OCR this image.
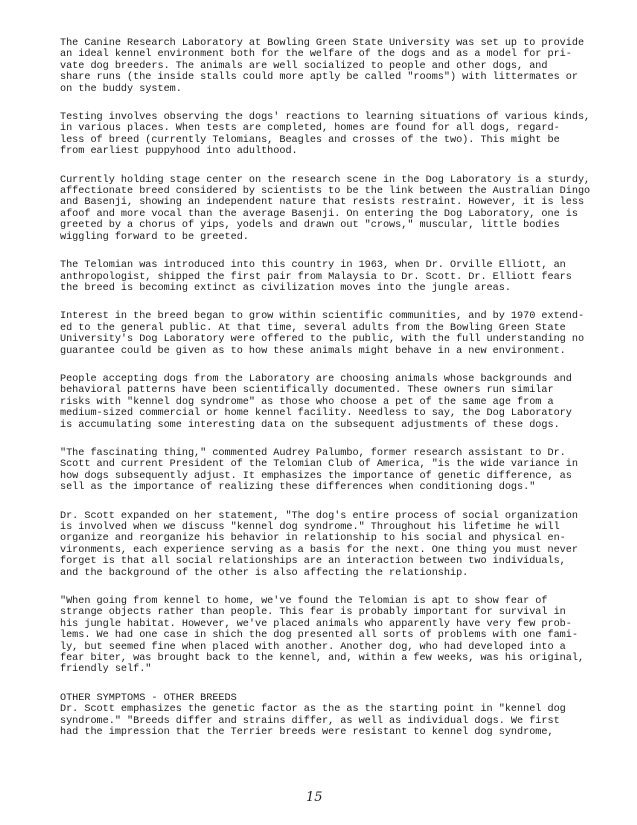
The Canine Research Laboratory at Bowling Green State University was set up to provide
an ideal kennel environment both for the welfare of the dogs and as a model for pri-
vate dog breeders. The animals are well socialized to people and other dogs, and
share runs (the inside stalls could more aptly be called "rooms") with littermates or
on the buddy system.
Testing involves observing the dogs' reactions to learning situations of various kinds,
in various places. When tests are completed, homes are found for all dogs, regard-
less of breed (currently Telomians, Beagles and crosses of the two). This might be
from earliest puppyhood into adulthood.
Currently holding stage center on the research scene in the Dog Laboratory is a sturdy,
affectionate breed considered by scientists to be the link between the Australian Dingo
and Basenji, showing an independent nature that resists restraint. However, it is less
afoof and more vocal than the average Basenji. On entering the Dog Laboratory, one is
greeted by a chorus of yips, yodels and drawn out "crows," muscular, little bodies
wiggling forward to be greeted.
The Telomian was introduced into this country in 1963, when Dr. Orville Elliott, an
anthropologist, shipped the first pair from Malaysia to Dr. Scott. Dr. Elliott fears
the breed is becoming extinct as civilization moves into the jungle areas.
Interest in the breed began to grow within scientific communities, and by 1970 extend-
ed to the general public. At that time, several adults from the Bowling Green State
University's Dog Laboratory were offered to the public, with the full understanding no
guarantee could be given as to how these animals might behave in a new environment.
People accepting dogs from the Laboratory are choosing animals whose backgrounds and
behavioral patterns have been scientifically documented. These owners run similar
risks with "kennel dog syndrome" as those who choose a pet of the same age from a
medium-sized commercial or home kennel facility. Needless to say, the Dog Laboratory
is accumulating some interesting data on the subsequent adjustments of these dogs.
"The fascinating thing," commented Audrey Palumbo, former research assistant to Dr.
Scott and current President of the Telomian Club of America, "is the wide variance in
how dogs subsequently adjust. It emphasizes the importance of genetic difference, as
sell as the importance of realizing these differences when conditioning dogs."
Dr. Scott expanded on her statement, "The dog's entire process of social organization
is involved when we discuss "kennel dog syndrome." Throughout his lifetime he will
organize and reorganize his behavior in relationship to his social and physical en-
vironments, each experience serving as a basis for the next. One thing you must never
forget is that all social relationships are an interaction between two individuals,
and the background of the other is also affecting the relationship.
"When going from kennel to home, we've found the Telomian is apt to show fear of
strange objects rather than people. This fear is probably important for survival in
his jungle habitat. However, we've placed animals who apparently have very few prob-
lems. We had one case in shich the dog presented all sorts of problems with one fami-
ly, but seemed fine when placed with another. Another dog, who had developed into a
fear biter, was brought back to the kennel, and, within a few weeks, was his original,
friendly self."
OTHER SYMPTOMS - OTHER BREEDS
Dr. Scott emphasizes the genetic factor as the as the starting point in "kennel dog
syndrome." "Breeds differ and strains differ, as well as individual dogs. We first
had the impression that the Terrier breeds were resistant to kennel dog syndrome,
15
